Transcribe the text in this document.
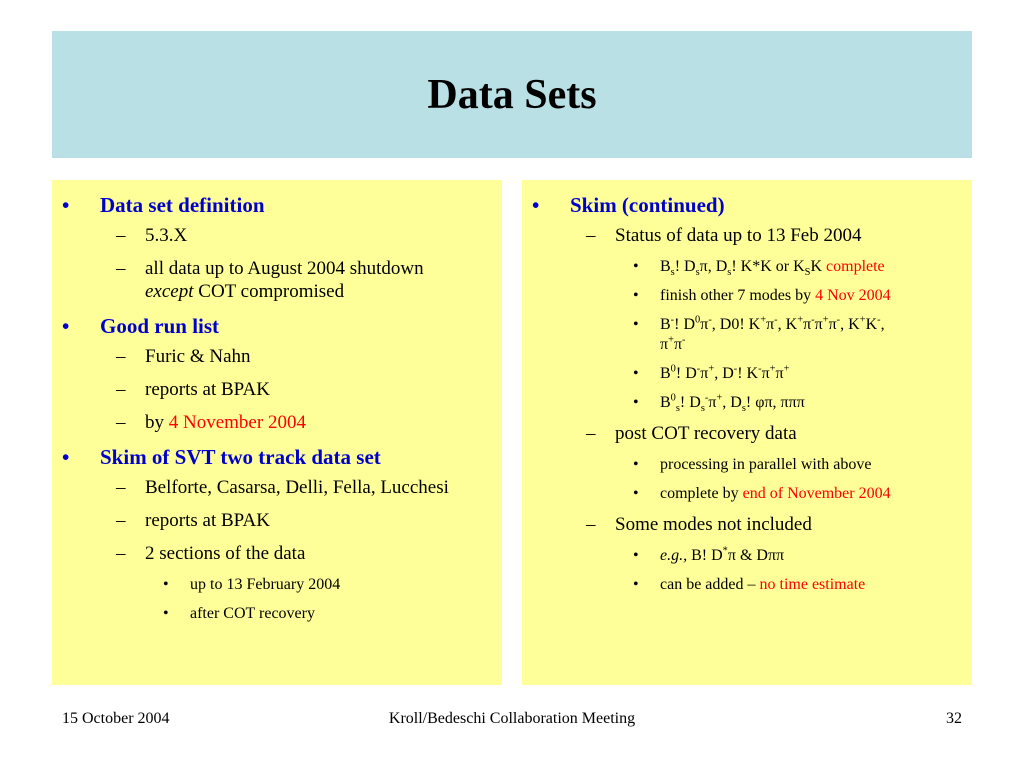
Data Sets
• Data set definition
– 5.3.X
– all data up to August 2004 shutdown
except COT compromised
• Good run list
– Furic & Nahn
– reports at BPAK
– by 4 November 2004
• Skim of SVT two track data set
– Belforte, Casarsa, Delli, Fella, Lucchesi
– reports at BPAK
– 2 sections of the data
• up to 13 February 2004
• after COT recovery
• Skim (continued)
– Status of data up to 13 Feb 2004
• $B_s$! $D_s\pi$, $D_s$! K*K or $K_SK$ complete
• finish other 7 modes by 4 Nov 2004
• B-! $D^0\pi^-$, D0! K+π-, K+π-π+π-, K+K-,
π+π-
• $B^0$! D-π+, D-! K-π+π+
• $B^0_s$! $D_s^-\pi^+$, $D_s$! φπ, πππ
– post COT recovery data
• processing in parallel with above
• complete by end of November 2004
– Some modes not included
• e.g., B! D*π & Dππ
• can be added – no time estimate
15 October 2004	Kroll/Bedeschi Collaboration Meeting	32
